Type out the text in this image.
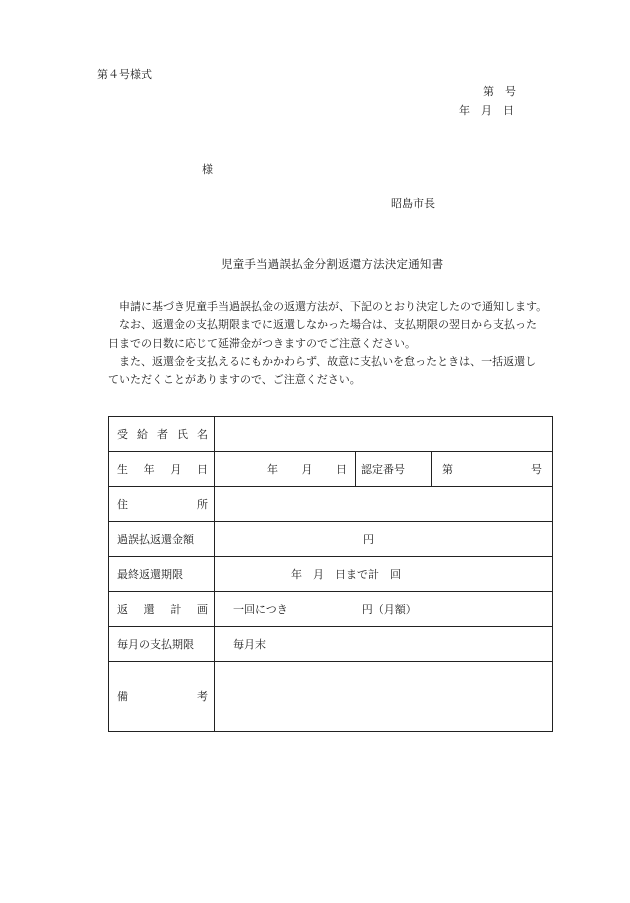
第４号様式
第　号
年　月　日
様
昭島市長
児童手当過誤払金分割返還方法決定通知書
　申請に基づき児童手当過誤払金の返還方法が、下記のとおり決定したので通知します。
　なお、返還金の支払期限までに返還しなかった場合は、支払期限の翌日から支払った
日までの日数に応じて延滞金がつきますのでご注意ください。
　また、返還金を支払えるにもかかわらず、故意に支払いを怠ったときは、一括返還し
ていただくことがありますので、ご注意ください。
受 給 者 氏 名			

生 年 月 日	年 月 日	認定番号	第 号

住 所			

過誤払返還金額	円		
最終返還期限	年　月　日まで計　回		

返 還 計 画	一回につき 円（月額）		

毎月の支払期限	毎月末		

備 考			
